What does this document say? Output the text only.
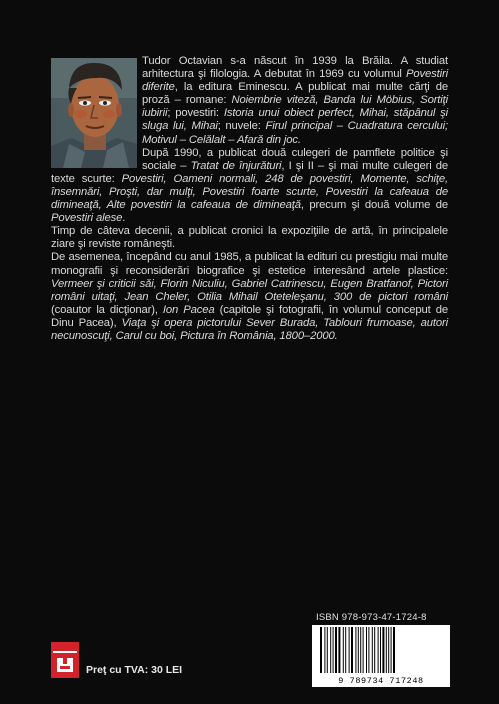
Tudor Octavian s-a născut în 1939 la Brăila. A studiat arhitectura şi filologia. A debutat în 1969 cu volumul Povestiri diferite, la editura Eminescu. A publicat mai multe cărţi de proză – romane: Noiembrie viteză, Banda lui Möbius, Sortiţi iubirii; povestiri: Istoria unui obiect perfect, Mihai, stăpânul şi sluga lui, Mihai; nuvele: Firul principal – Cuadratura cercului; Motivul – Celălalt – Afară din joc.

După 1990, a publicat două culegeri de pamflete politice şi sociale – Tratat de înjurături, I şi II – şi mai multe culegeri de texte scurte: Povestiri, Oameni normali, 248 de povestiri, Momente, schiţe, însemnări, Proşti, dar mulţi, Povestiri foarte scurte, Povestiri la cafeaua de dimineaţă, Alte povestiri la cafeaua de dimineaţă, precum şi două volume de Povestiri alese.

Timp de câteva decenii, a publicat cronici la expoziţiile de artă, în principalele ziare şi reviste româneşti.

De asemenea, începând cu anul 1985, a publicat la edituri cu prestigiu mai multe monografii şi reconsiderări biografice şi estetice interesând artele plastice: Vermeer şi criticii săi, Florin Niculiu, Gabriel Catrinescu, Eugen Bratfanof, Pictori români uitaţi, Jean Cheler, Otilia Mihail Oteteleşanu, 300 de pictori români (coautor la dicţionar), Ion Pacea (capitole şi fotografii, în volumul conceput de Dinu Pacea), Viaţa şi opera pictorului Sever Burada, Tablouri frumoase, autori necunoscuţi, Carul cu boi, Pictura în România, 1800–2000.

ISBN 978-973-47-1724-8
9 789734 717248
Preţ cu TVA: 30 LEI
